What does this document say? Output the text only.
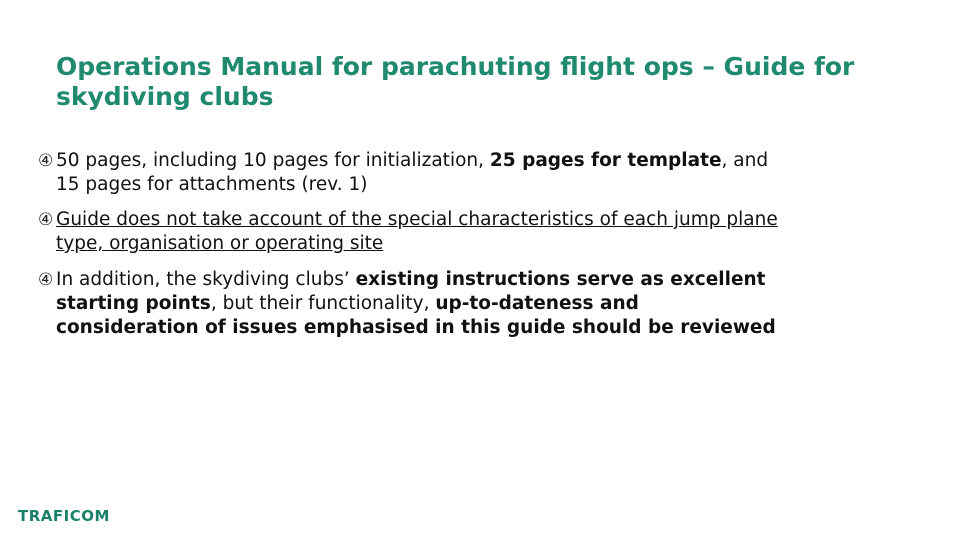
Operations Manual for parachuting flight ops – Guide for skydiving clubs
④ 50 pages, including 10 pages for initialization, 25 pages for template, and 15 pages for attachments (rev. 1)
④ Guide does not take account of the special characteristics of each jump plane type, organisation or operating site
④ In addition, the skydiving clubs’ existing instructions serve as excellent starting points, but their functionality, up-to-dateness and consideration of issues emphasised in this guide should be reviewed
TRAFICOM
